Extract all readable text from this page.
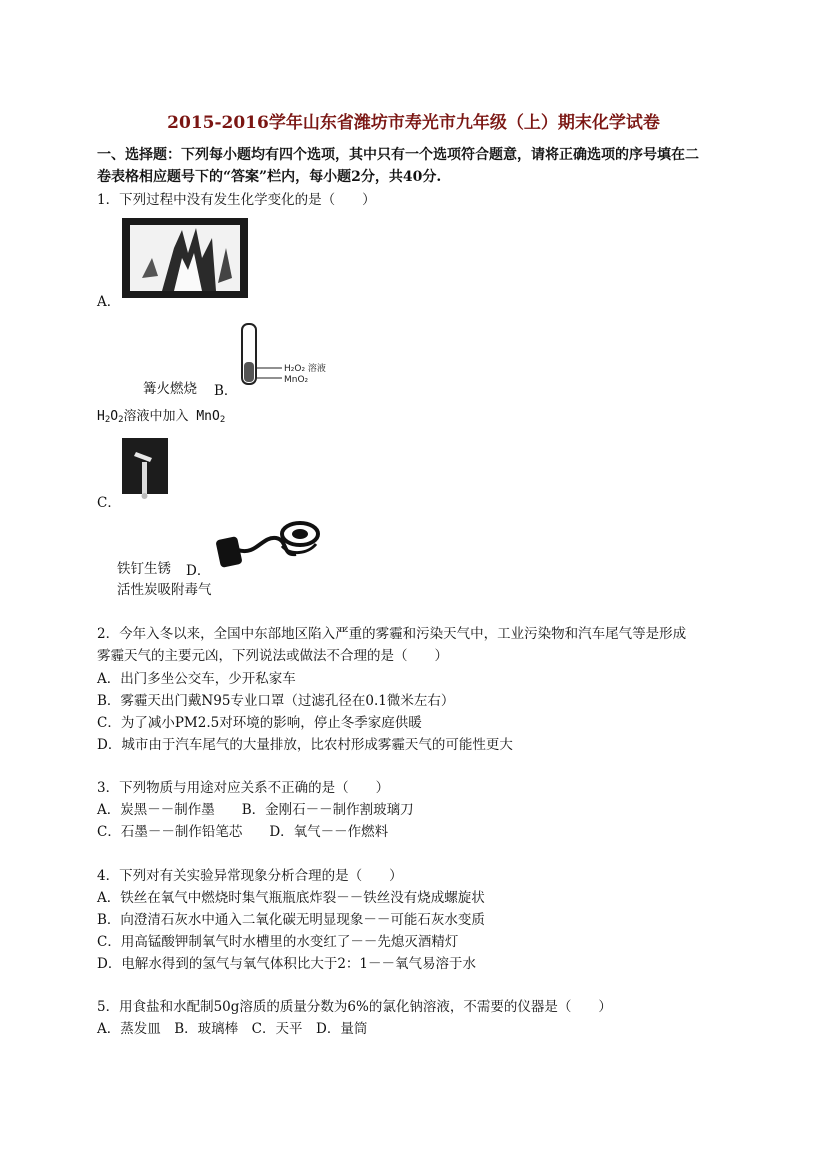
2015-2016学年山东省潍坊市寿光市九年级（上）期末化学试卷
一、选择题：下列每小题均有四个选项，其中只有一个选项符合题意，请将正确选项的序号填在二
卷表格相应题号下的“答案”栏内，每小题2分，共40分.
1．下列过程中没有发生化学变化的是（　　）
A．
H₂O₂ 溶液
MnO₂
篝火燃烧 B．
$H_2O_2$溶液中加入 MnO$_2$
C．
铁钉生锈 D．
活性炭吸附毒气
2．今年入冬以来，全国中东部地区陷入严重的雾霾和污染天气中，工业污染物和汽车尾气等是形成
雾霾天气的主要元凶，下列说法或做法不合理的是（　　）
A．出门多坐公交车，少开私家车
B．雾霾天出门戴N95专业口罩（过滤孔径在0.1微米左右）
C．为了减小PM2.5对环境的影响，停止冬季家庭供暖
D．城市由于汽车尾气的大量排放，比农村形成雾霾天气的可能性更大
3．下列物质与用途对应关系不正确的是（　　）
A．炭黑－－制作墨　　B．金刚石－－制作割玻璃刀
C．石墨－－制作铅笔芯　　D．氧气－－作燃料
4．下列对有关实验异常现象分析合理的是（　　）
A．铁丝在氧气中燃烧时集气瓶瓶底炸裂－－铁丝没有烧成螺旋状
B．向澄清石灰水中通入二氧化碳无明显现象－－可能石灰水变质
C．用高锰酸钾制氧气时水槽里的水变红了－－先熄灭酒精灯
D．电解水得到的氢气与氧气体积比大于2：1－－氧气易溶于水
5．用食盐和水配制50g溶质的质量分数为6%的氯化钠溶液，不需要的仪器是（　　）
A．蒸发皿　B．玻璃棒　C．天平　D．量筒
